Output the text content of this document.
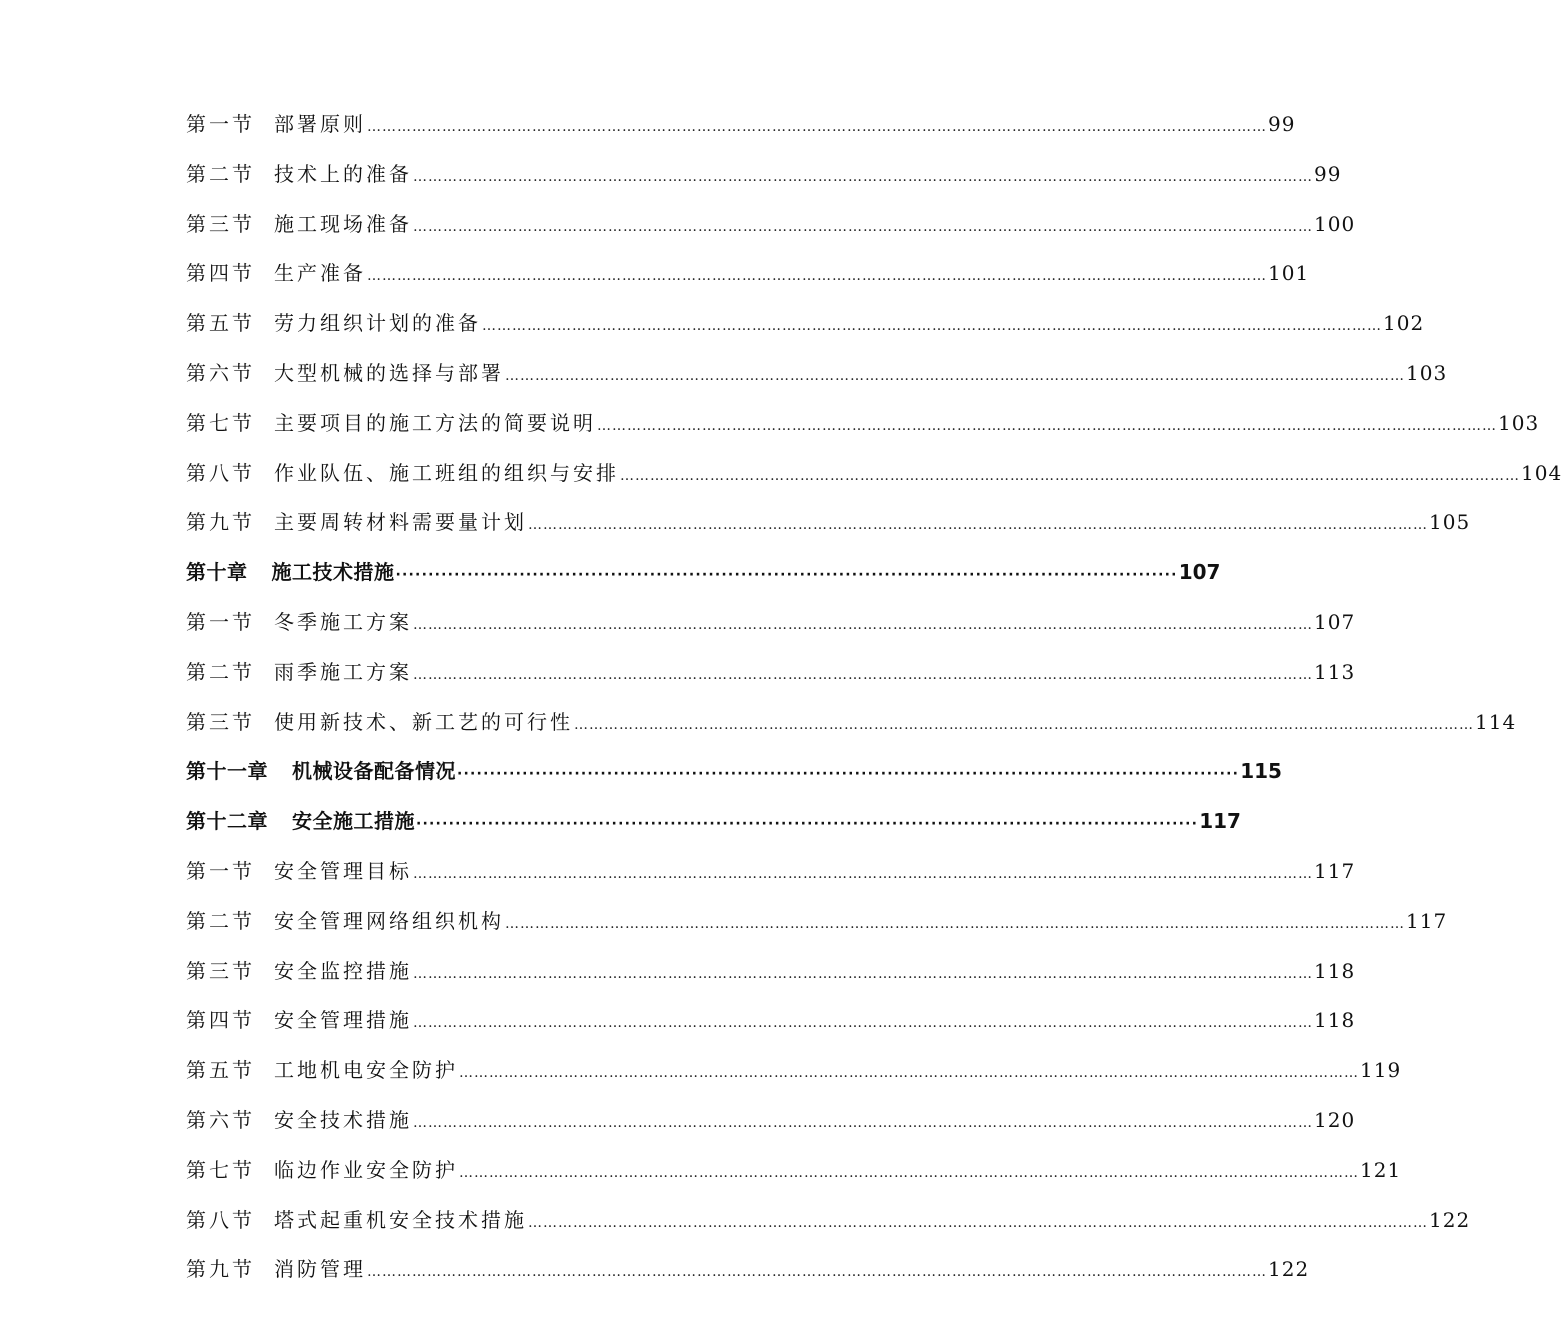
第一节 部署原则 ……………………………………………………………………………………………………………………………………………………………… 99
第二节 技术上的准备 ……………………………………………………………………………………………………………………………………………………………… 99
第三节 施工现场准备 ……………………………………………………………………………………………………………………………………………………………… 100
第四节 生产准备 ……………………………………………………………………………………………………………………………………………………………… 101
第五节 劳力组织计划的准备 ……………………………………………………………………………………………………………………………………………………………… 102
第六节 大型机械的选择与部署 ……………………………………………………………………………………………………………………………………………………………… 103
第七节 主要项目的施工方法的简要说明 ……………………………………………………………………………………………………………………………………………………………… 103
第八节 作业队伍、施工班组的组织与安排 ……………………………………………………………………………………………………………………………………………………………… 104
第九节 主要周转材料需要量计划 ……………………………………………………………………………………………………………………………………………………………… 105
第十章 施工技术措施 ························································································································ 107
第一节 冬季施工方案 ……………………………………………………………………………………………………………………………………………………………… 107
第二节 雨季施工方案 ……………………………………………………………………………………………………………………………………………………………… 113
第三节 使用新技术、新工艺的可行性 ……………………………………………………………………………………………………………………………………………………………… 114
第十一章 机械设备配备情况 ························································································································ 115
第十二章 安全施工措施 ························································································································ 117
第一节 安全管理目标 ……………………………………………………………………………………………………………………………………………………………… 117
第二节 安全管理网络组织机构 ……………………………………………………………………………………………………………………………………………………………… 117
第三节 安全监控措施 ……………………………………………………………………………………………………………………………………………………………… 118
第四节 安全管理措施 ……………………………………………………………………………………………………………………………………………………………… 118
第五节 工地机电安全防护 ……………………………………………………………………………………………………………………………………………………………… 119
第六节 安全技术措施 ……………………………………………………………………………………………………………………………………………………………… 120
第七节 临边作业安全防护 ……………………………………………………………………………………………………………………………………………………………… 121
第八节 塔式起重机安全技术措施 ……………………………………………………………………………………………………………………………………………………………… 122
第九节 消防管理 ……………………………………………………………………………………………………………………………………………………………… 122
